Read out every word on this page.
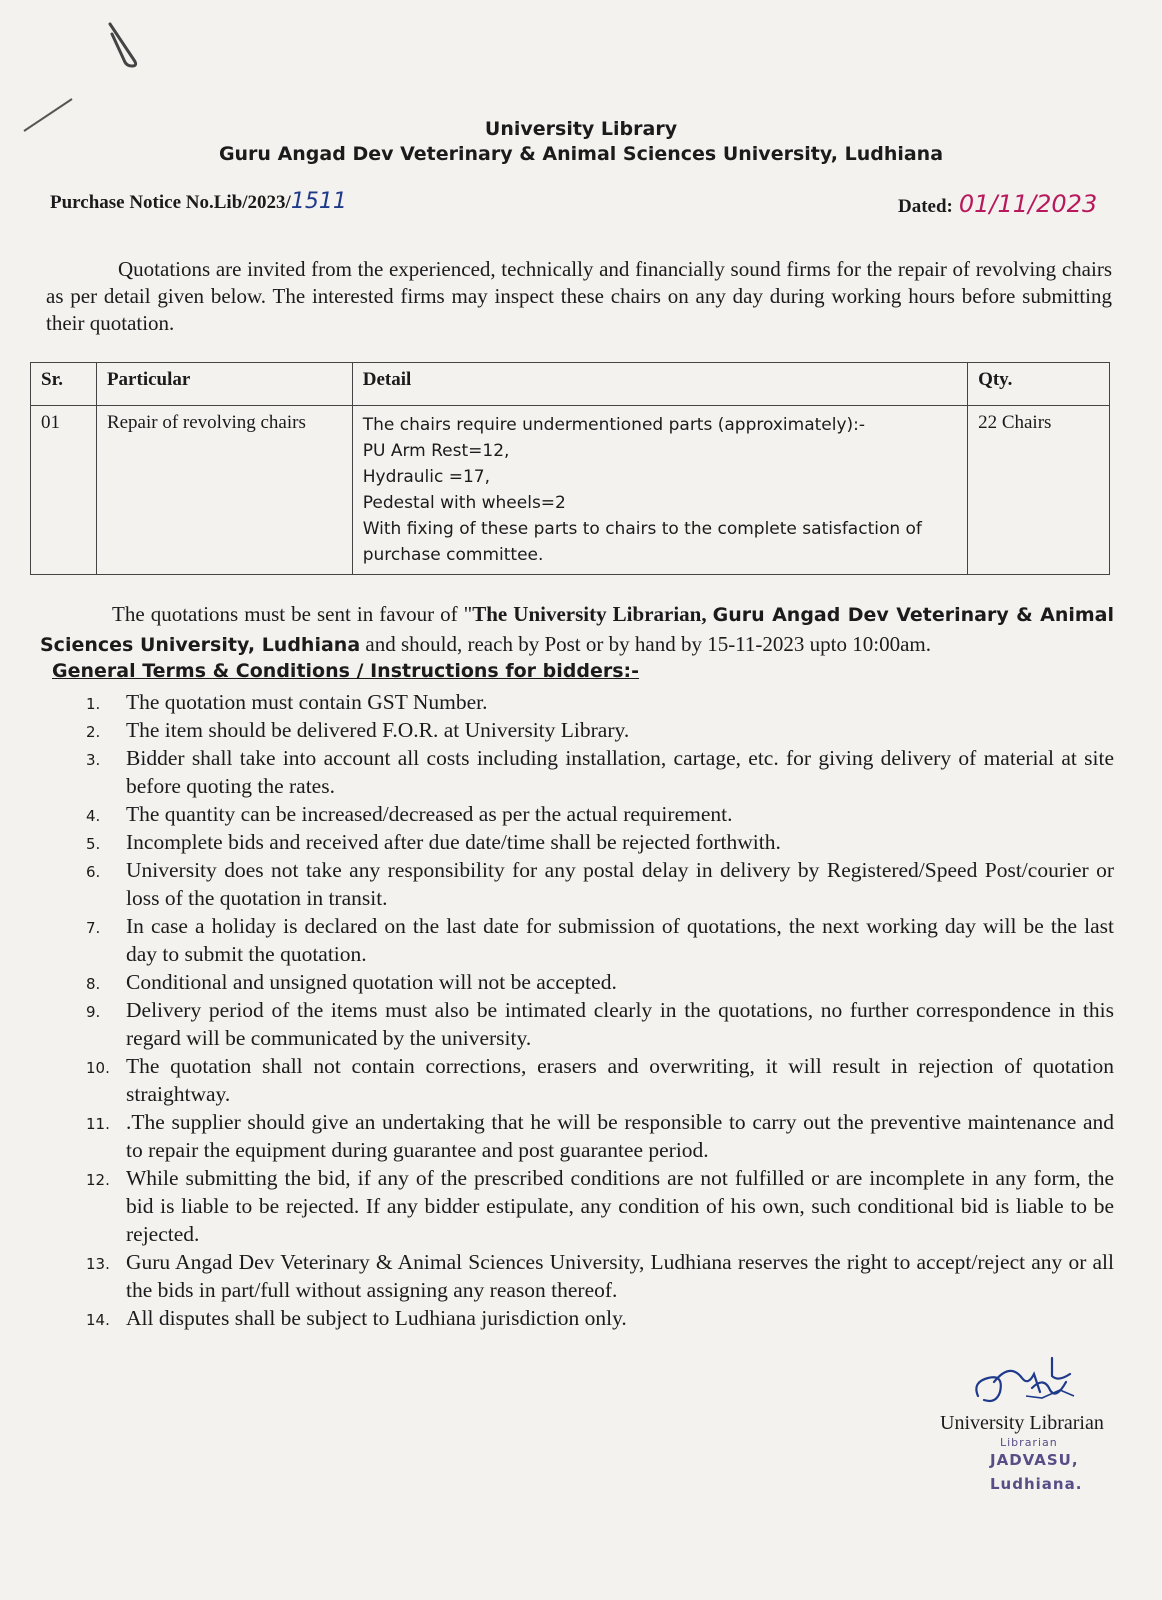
University Library
Guru Angad Dev Veterinary & Animal Sciences University, Ludhiana
Purchase Notice No.Lib/2023/1511	Dated: 01/11/2023
Quotations are invited from the experienced, technically and financially sound firms for the repair of revolving chairs as per detail given below. The interested firms may inspect these chairs on any day during working hours before submitting their quotation.
Sr.	Particular	Detail	Qty.
01	Repair of revolving chairs	The chairs require undermentioned parts (approximately):-
PU Arm Rest=12,
Hydraulic =17,
Pedestal with wheels=2
With fixing of these parts to chairs to the complete satisfaction of purchase committee.	22 Chairs
The quotations must be sent in favour of "The University Librarian, Guru Angad Dev Veterinary & Animal Sciences University, Ludhiana and should, reach by Post or by hand by 15-11-2023 upto 10:00am.
General Terms & Conditions / Instructions for bidders:-
1. The quotation must contain GST Number.
2. The item should be delivered F.O.R. at University Library.
3. Bidder shall take into account all costs including installation, cartage, etc. for giving delivery of material at site before quoting the rates.
4. The quantity can be increased/decreased as per the actual requirement.
5. Incomplete bids and received after due date/time shall be rejected forthwith.
6. University does not take any responsibility for any postal delay in delivery by Registered/Speed Post/courier or loss of the quotation in transit.
7. In case a holiday is declared on the last date for submission of quotations, the next working day will be the last day to submit the quotation.
8. Conditional and unsigned quotation will not be accepted.
9. Delivery period of the items must also be intimated clearly in the quotations, no further correspondence in this regard will be communicated by the university.
10. The quotation shall not contain corrections, erasers and overwriting, it will result in rejection of quotation straightway.
11. .The supplier should give an undertaking that he will be responsible to carry out the preventive maintenance and to repair the equipment during guarantee and post guarantee period.
12. While submitting the bid, if any of the prescribed conditions are not fulfilled or are incomplete in any form, the bid is liable to be rejected. If any bidder estipulate, any condition of his own, such conditional bid is liable to be rejected.
13. Guru Angad Dev Veterinary & Animal Sciences University, Ludhiana reserves the right to accept/reject any or all the bids in part/full without assigning any reason thereof.
14. All disputes shall be subject to Ludhiana jurisdiction only.
University Librarian
Librarian
JADVASU,
Ludhiana.
